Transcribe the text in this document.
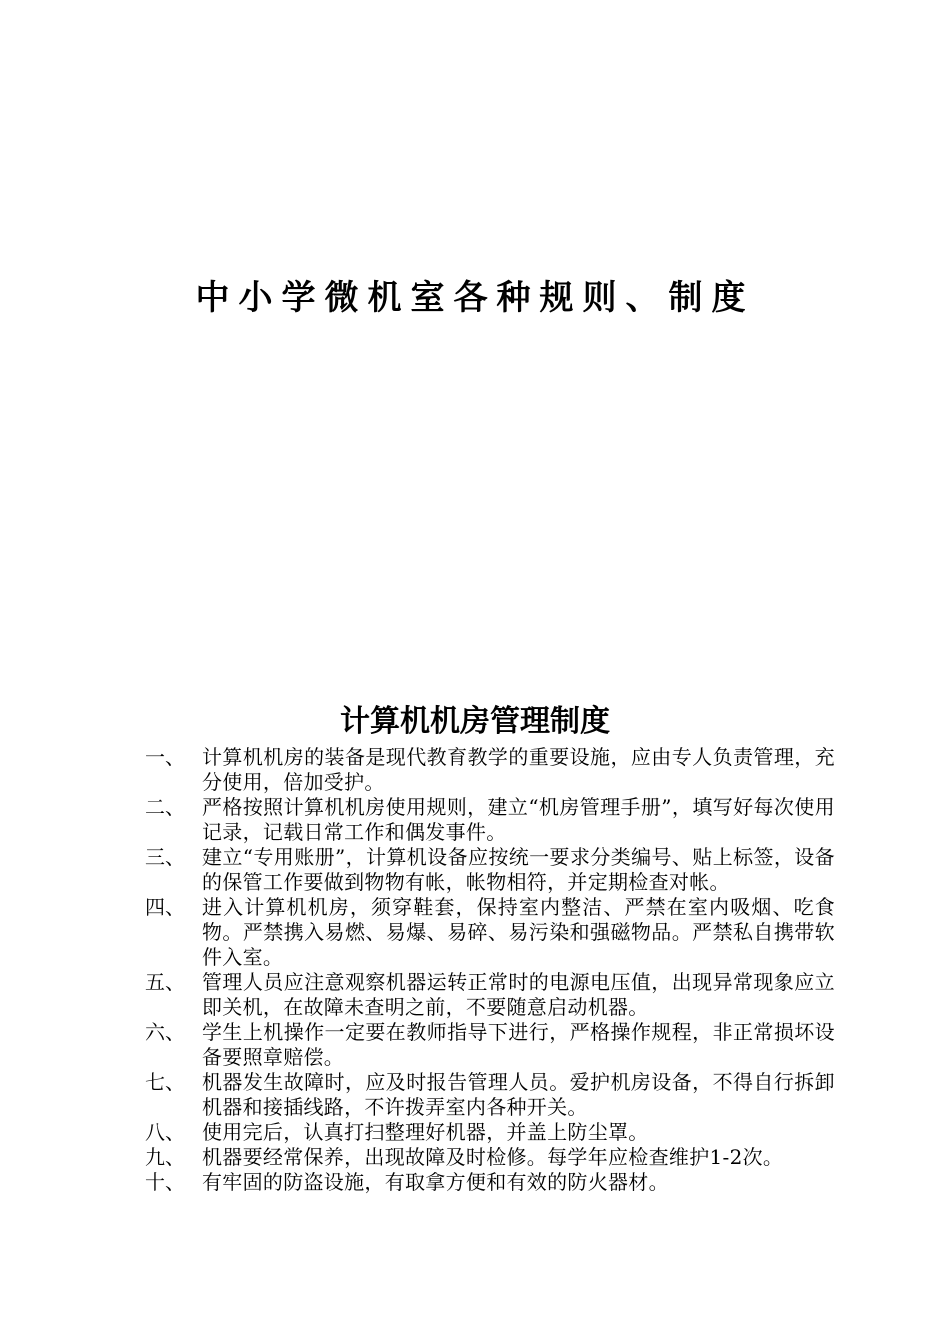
中小学微机室各种规则、制度
计算机机房管理制度
一、 计算机机房的装备是现代教育教学的重要设施，应由专人负责管理，充分使用，倍加受护。
二、 严格按照计算机机房使用规则，建立“机房管理手册”，填写好每次使用记录，记载日常工作和偶发事件。
三、 建立“专用账册”，计算机设备应按统一要求分类编号、贴上标签，设备的保管工作要做到物物有帐，帐物相符，并定期检查对帐。
四、 进入计算机机房，须穿鞋套，保持室内整洁、严禁在室内吸烟、吃食物。严禁携入易燃、易爆、易碎、易污染和强磁物品。严禁私自携带软件入室。
五、 管理人员应注意观察机器运转正常时的电源电压值，出现异常现象应立即关机，在故障未查明之前，不要随意启动机器。
六、 学生上机操作一定要在教师指导下进行，严格操作规程，非正常损坏设备要照章赔偿。
七、 机器发生故障时，应及时报告管理人员。爱护机房设备，不得自行拆卸机器和接插线路，不许拨弄室内各种开关。
八、 使用完后，认真打扫整理好机器，并盖上防尘罩。
九、 机器要经常保养，出现故障及时检修。每学年应检查维护1-2次。
十、 有牢固的防盗设施，有取拿方便和有效的防火器材。
